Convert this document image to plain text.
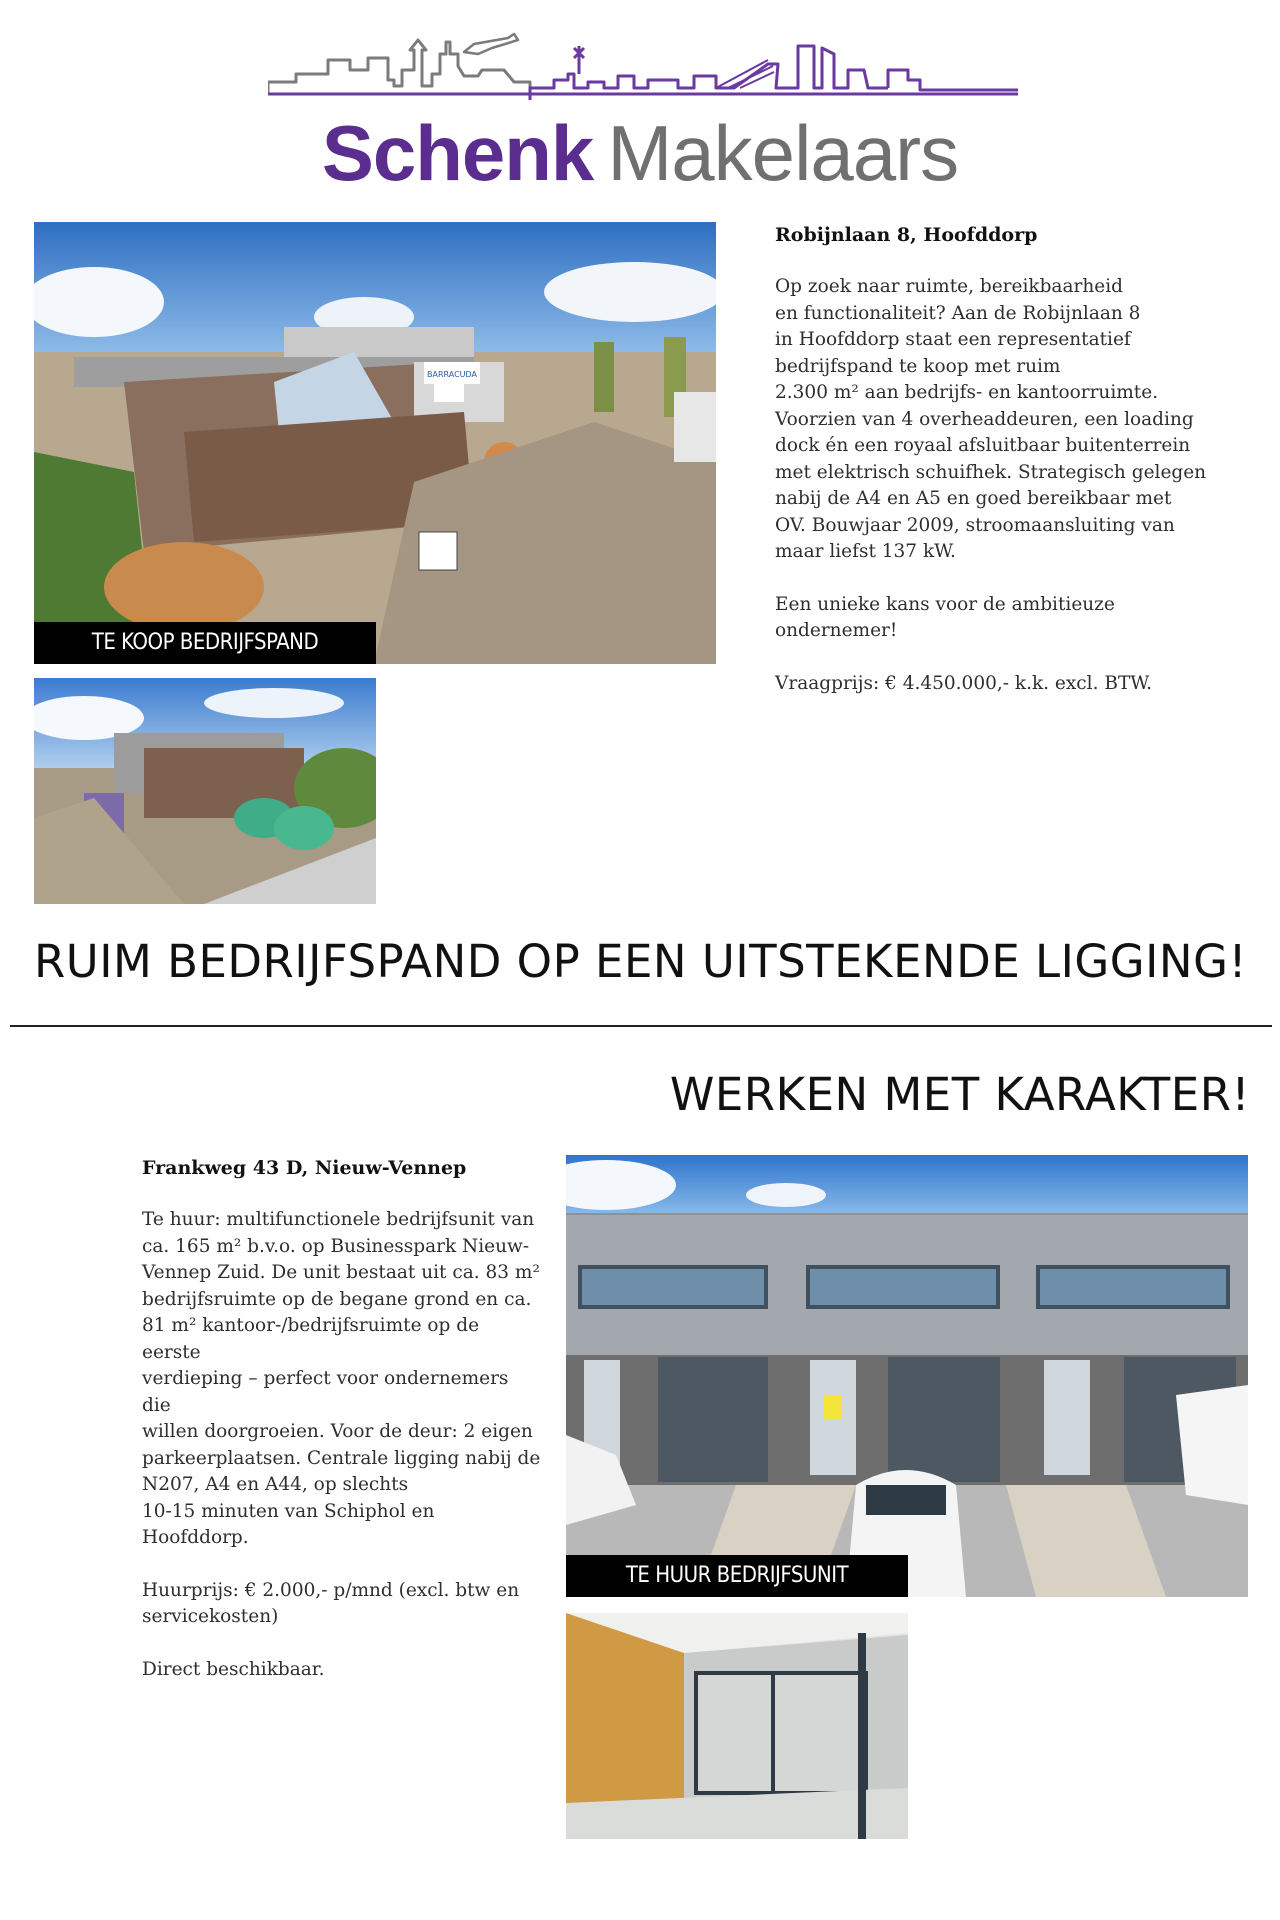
Schenk Makelaars
BARRACUDA
TE KOOP BEDRIJFSPAND

Robijnlaan 8, Hoofddorp

Op zoek naar ruimte, bereikbaarheid

en functionaliteit? Aan de Robijnlaan 8

in Hoofddorp staat een representatief

bedrijfspand te koop met ruim

2.300 m² aan bedrijfs- en kantoorruimte.

Voorzien van 4 overheaddeuren, een loading

dock én een royaal afsluitbaar buitenterrein

met elektrisch schuifhek. Strategisch gelegen

nabij de A4 en A5 en goed bereikbaar met

OV. Bouwjaar 2009, stroomaansluiting van

maar liefst 137 kW.

Een unieke kans voor de ambitieuze

ondernemer!

Vraagprijs: € 4.450.000,- k.k. excl. BTW.

RUIM BEDRIJFSPAND OP EEN UITSTEKENDE LIGGING!
WERKEN MET KARAKTER!

Frankweg 43 D, Nieuw-Vennep

Te huur: multifunctionele bedrijfsunit van

ca. 165 m² b.v.o. op Businesspark Nieuw-

Vennep Zuid. De unit bestaat uit ca. 83 m²

bedrijfsruimte op de begane grond en ca.

81 m² kantoor-/bedrijfsruimte op de eerste

verdieping – perfect voor ondernemers die

willen doorgroeien. Voor de deur: 2 eigen

parkeerplaatsen. Centrale ligging nabij de

N207, A4 en A44, op slechts

10-15 minuten van Schiphol en Hoofddorp.

Huurprijs: € 2.000,- p/mnd (excl. btw en

servicekosten)

Direct beschikbaar.

TE HUUR BEDRIJFSUNIT
